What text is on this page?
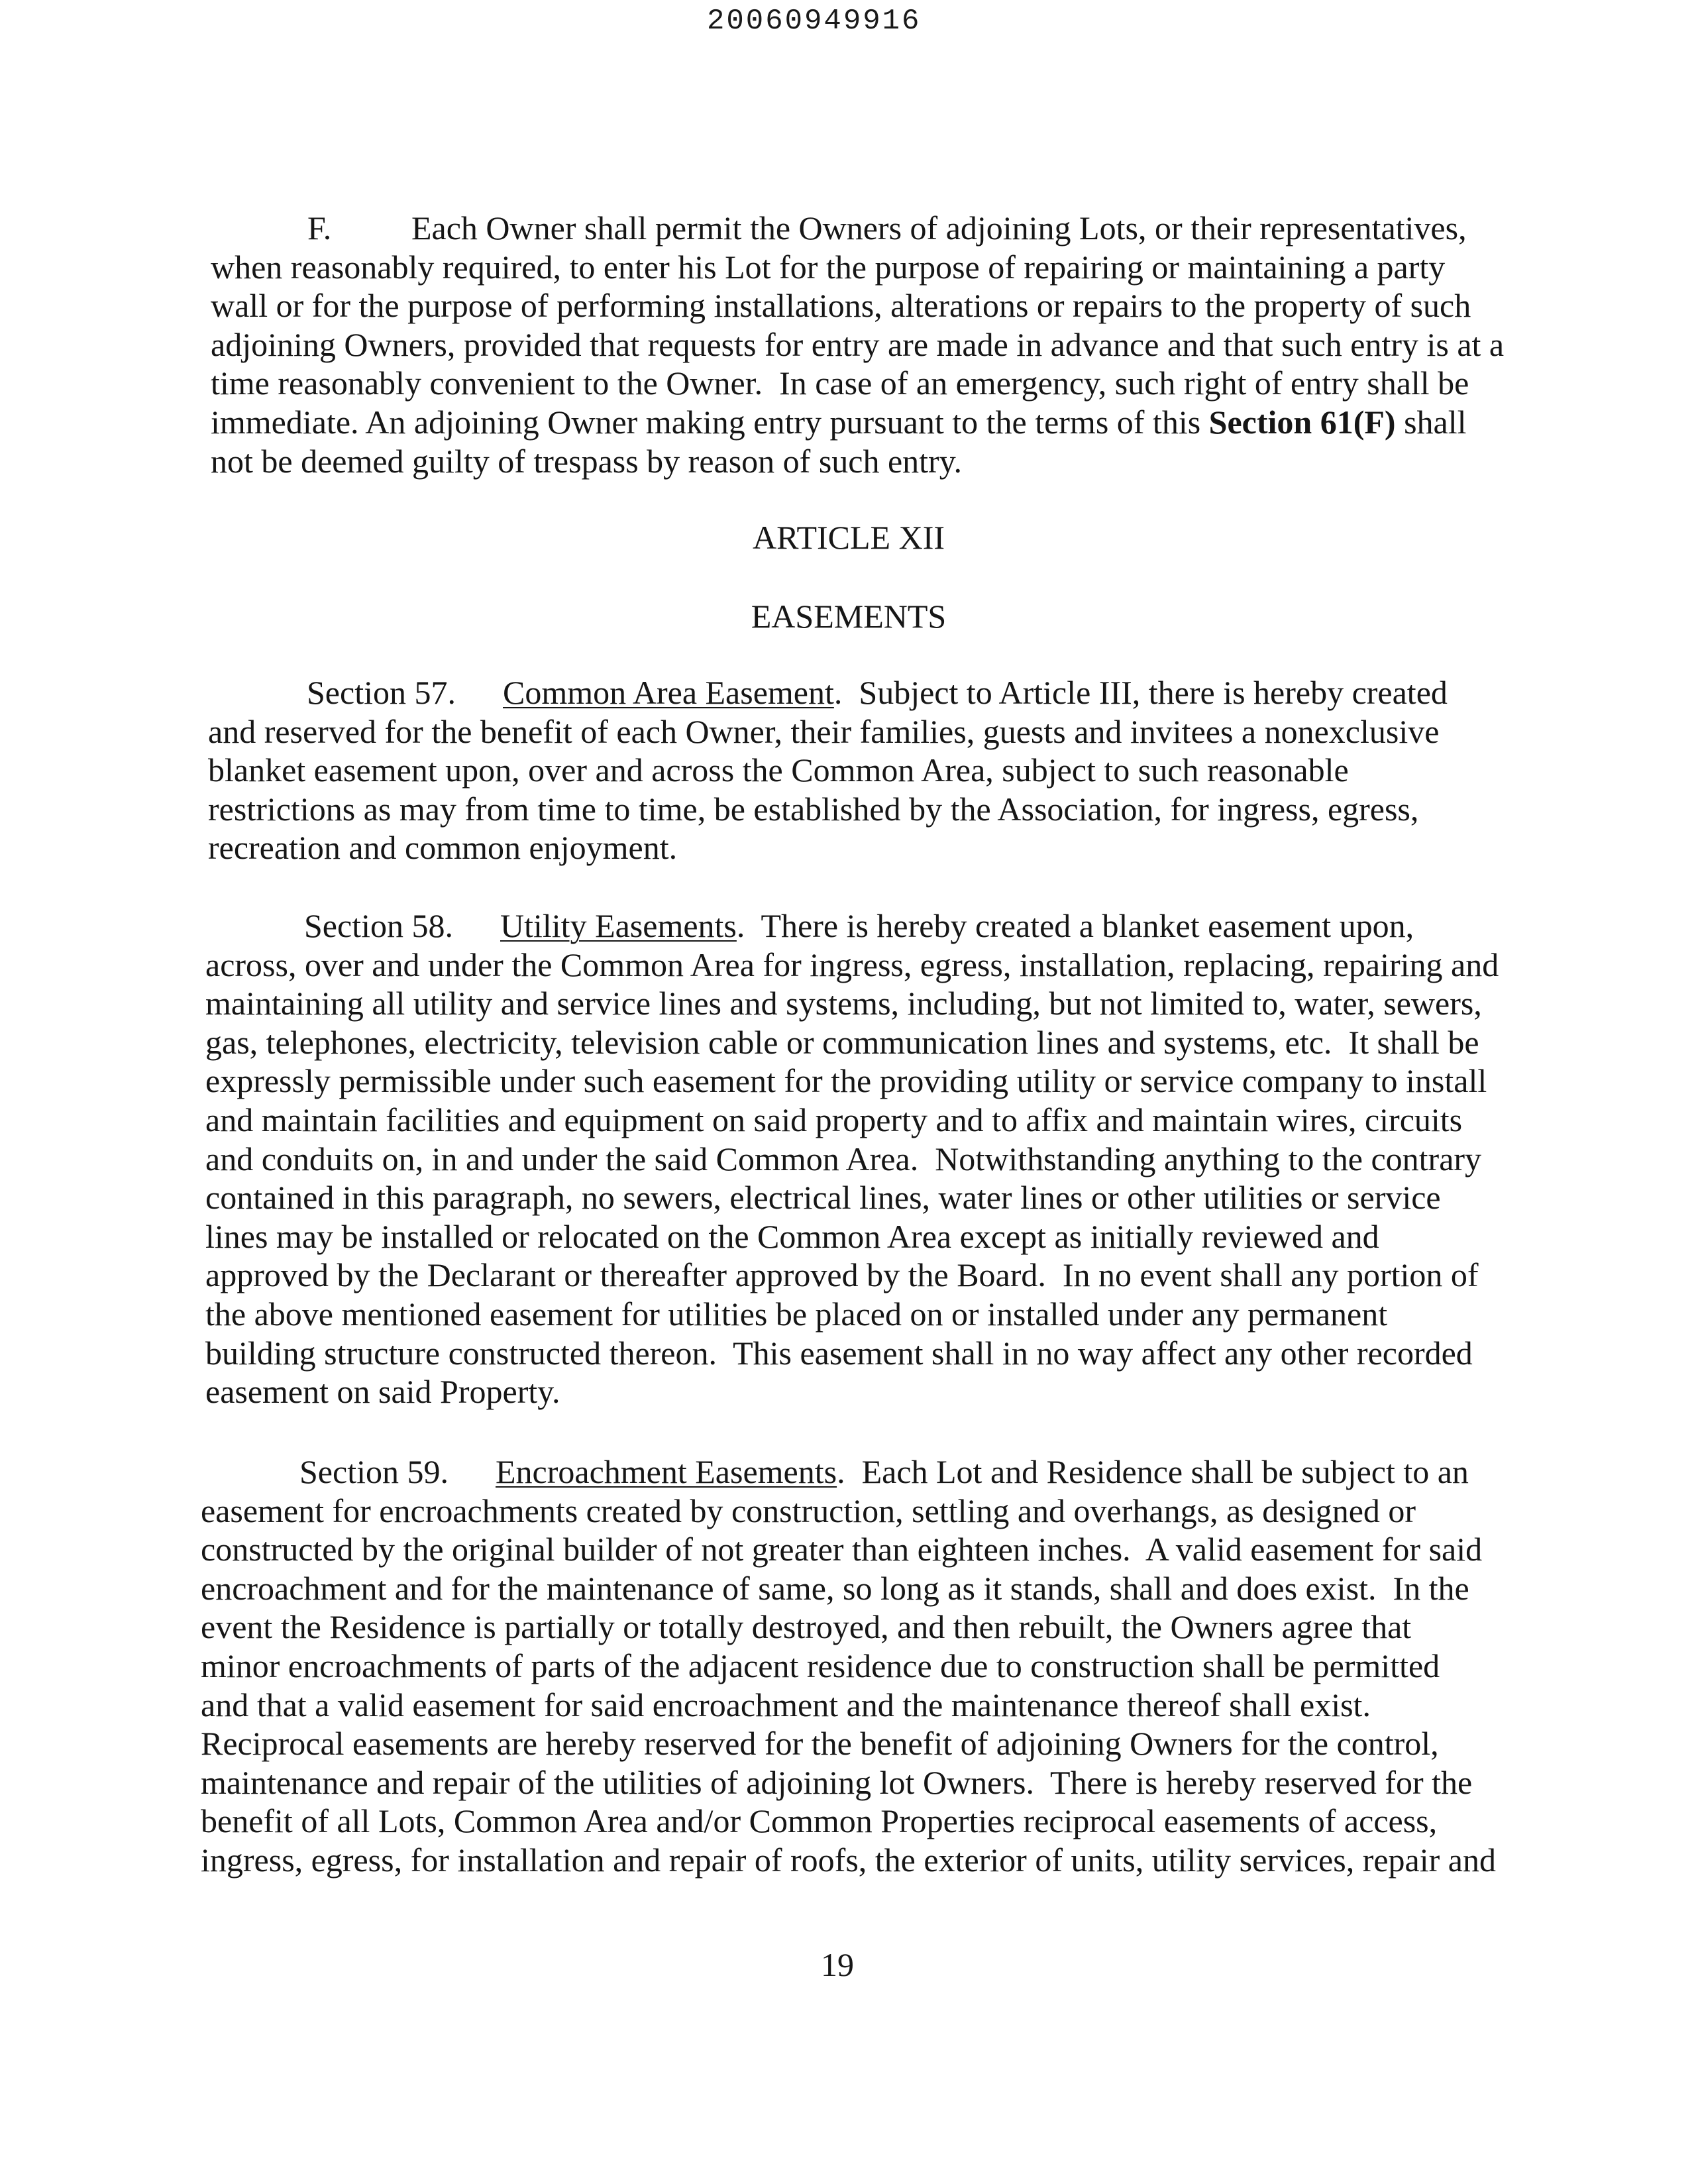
20060949916
F. Each Owner shall permit the Owners of adjoining Lots, or their representatives,
when reasonably required, to enter his Lot for the purpose of repairing or maintaining a party
wall or for the purpose of performing installations, alterations or repairs to the property of such
adjoining Owners, provided that requests for entry are made in advance and that such entry is at a
time reasonably convenient to the Owner.  In case of an emergency, such right of entry shall be
immediate. An adjoining Owner making entry pursuant to the terms of this Section 61(F) shall
not be deemed guilty of trespass by reason of such entry.
ARTICLE XII
EASEMENTS
Section 57. Common Area Easement.  Subject to Article III, there is hereby created
and reserved for the benefit of each Owner, their families, guests and invitees a nonexclusive
blanket easement upon, over and across the Common Area, subject to such reasonable
restrictions as may from time to time, be established by the Association, for ingress, egress,
recreation and common enjoyment.
Section 58. Utility Easements.  There is hereby created a blanket easement upon,
across, over and under the Common Area for ingress, egress, installation, replacing, repairing and
maintaining all utility and service lines and systems, including, but not limited to, water, sewers,
gas, telephones, electricity, television cable or communication lines and systems, etc.  It shall be
expressly permissible under such easement for the providing utility or service company to install
and maintain facilities and equipment on said property and to affix and maintain wires, circuits
and conduits on, in and under the said Common Area.  Notwithstanding anything to the contrary
contained in this paragraph, no sewers, electrical lines, water lines or other utilities or service
lines may be installed or relocated on the Common Area except as initially reviewed and
approved by the Declarant or thereafter approved by the Board.  In no event shall any portion of
the above mentioned easement for utilities be placed on or installed under any permanent
building structure constructed thereon.  This easement shall in no way affect any other recorded
easement on said Property.
Section 59. Encroachment Easements.  Each Lot and Residence shall be subject to an
easement for encroachments created by construction, settling and overhangs, as designed or
constructed by the original builder of not greater than eighteen inches.  A valid easement for said
encroachment and for the maintenance of same, so long as it stands, shall and does exist.  In the
event the Residence is partially or totally destroyed, and then rebuilt, the Owners agree that
minor encroachments of parts of the adjacent residence due to construction shall be permitted
and that a valid easement for said encroachment and the maintenance thereof shall exist.
Reciprocal easements are hereby reserved for the benefit of adjoining Owners for the control,
maintenance and repair of the utilities of adjoining lot Owners.  There is hereby reserved for the
benefit of all Lots, Common Area and/or Common Properties reciprocal easements of access,
ingress, egress, for installation and repair of roofs, the exterior of units, utility services, repair and
19
